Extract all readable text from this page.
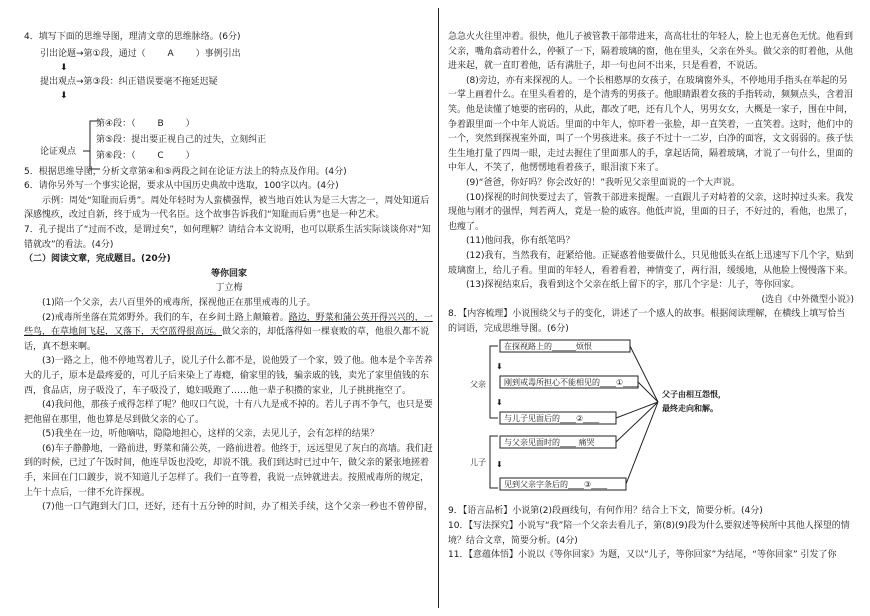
4．填写下面的思维导图，理清文章的思维脉络。(6分)

引出论题→第①段，通过（ A ）事例引出
⬇
提出观点→第③段：纠正错误要毫不拖延迟疑
⬇
论证观点
第④段：（ B ）
第⑤段：提出要正视自己的过失，立刻纠正
第⑥段：（ C ）

5．根据思维导图，分析文章第④和⑤两段之间在论证方法上的特点及作用。(4分)

6．请你另外写一个事实论据，要求从中国历史典故中选取，100字以内。(4分)

示例：周处“知耻而后勇”。周处年轻时为人蛮横强悍，被当地百姓认为是三大害之一，周处知道后深感愧疚，改过自新，终于成为一代名臣。这个故事告诉我们“知耻而后勇”也是一种艺术。

7．孔子提出了“过而不改，是谓过矣”，如何理解？请结合本文说明，也可以联系生活实际谈谈你对“知错就改”的看法。(4分)

（二）阅读文章，完成题目。(20分)

等你回家

丁立梅

(1)陪一个父亲，去八百里外的戒毒所，探视他正在那里戒毒的儿子。

(2)戒毒所坐落在荒郊野外。我们的车，在乡间土路上颠簸着。路边，野菜和蒲公英开得兴兴的，一些鸟，在草地间飞起，又落下，天空蓝得很高远。做父亲的，却低落得如一棵衰败的草，他很久都不说话，真不想来啊。

(3)一路之上，他不停地骂着儿子，说儿子什么都不是，说他毁了一个家，毁了他。他本是个辛苦养大的儿子，原本是最疼爱的，可儿子后来染上了毒瘾，偷家里的钱，骗亲戚的钱，卖光了家里值钱的东西，食品店，房子吸没了，车子吸没了，媳妇吸跑了……他一辈子积攒的家业，儿子挑挑拖空了。

(4)我问他，那孩子戒得怎样了呢？他叹口气说，十有八九是戒不掉的。若儿子再不争气，也只是要把他留在那里，他也算是尽到做父亲的心了。

(5)我坐在一边，听他嘀咕，隐隐地担心，这样的父亲，去见儿子，会有怎样的结果？

(6)车子静静地，一路前进，野菜和蒲公英，一路前进着。他终于，远远望见了灰白的高墙。我们赶到的时候，已过了午饭时间，他连早饭也没吃，却说不饿。我们到达时已过中午，做父亲的紧张地搓着手，来回在门口踱步，说不知道儿子怎样了。我们一直等着，我说一点钟就进去。按照戒毒所的规定，上午十点后，一律不允许探视。

(7)他一口气跑到大门口，还好，还有十五分钟的时间，办了相关手续，这个父亲一秒也不曾停留，

急急火火往里冲着。很快，他儿子被管教干部带进来，高高壮壮的年轻人，脸上也无喜色无忧。他看到父亲，嘴角翕动着什么，停顿了一下，隔着玻璃的窗，他在里头，父亲在外头。做父亲的盯着他，从他进来起，就一直盯着他，话有满肚子，却一句也问不出来，只是看着，不说话。

(8)旁边，亦有来探视的人。一个长相憨厚的女孩子，在玻璃窗外头，不停地用手指头在举起的另一掌上画着什么。在里头看着的，是个清秀的男孩子。他眼睛跟着女孩的手指转动，频频点头，含着泪笑。他是读懂了她要的密码的，从此，都改了吧，还有几个人，男男女女，大概是一家子，围在中间，争着跟里面一个中年人说话。里面的中年人，惊吓着一张脸，却一直笑着，一直笑着。这时，他们中的一个，突然到探视室外面，叫了一个男孩进来。孩子不过十一二岁，白净的面容，文文弱弱的。孩子怯生生地打量了四周一眼，走过去握住了里面那人的手，拿起话筒，隔着玻璃，才说了一句什么，里面的中年人，不笑了，他愣愣地看着孩子，眼泪滚下来了。

(9)“爸爸，你好吗？你会改好的！”我听见父亲里面说的一个大声说。

(10)探视的时间快要过去了，管教干部进来提醒。一直跟儿子对峙着的父亲，这时掉过头来。我发现他与刚才的强悍，判若两人，竟是一脸的戚容。他低声说，里面的日子，不好过的，看他，也黑了，也瘦了。

(11)他问我，你有纸笔吗？

(12)我有，当然我有，赶紧给他。正疑惑着他要做什么，只见他低头在纸上迅速写下几个字，贴到玻璃窗上，给儿子看。里面的年轻人，看着看着，神情变了，两行泪，缓缓地，从他脸上慢慢落下来。

(13)探视结束后，我看到这个父亲在纸上留下的字，那几个字是：儿子，等你回家。

(选自《中外微型小说》)

8．【内容梳理】小说围绕父与子的变化，讲述了一个感人的故事。根据阅读理解，在横线上填写恰当的词语，完成思维导图。(6分)

父亲
儿子
在探视路上的______烦恨
⬇
刚到戒毒所担心不能相见的____①____
⬇
与儿子见面后的____②____
与父亲见面时的____ 痛哭
⬇
见到父亲字条后的____③____
父子由相互怨恨，
最终走向和解。

9．【语言品析】小说第(2)段画线句，有何作用？结合上下文，简要分析。(4分)

10．【写法探究】小说写“我”陪一个父亲去看儿子，第(8)(9)段为什么要叙述等候所中其他人探望的情境？结合文章，简要分析。(4分)

11．【意蕴体悟】小说以《等你回家》为题，又以“儿子，等你回家”为结尾，“等你回家” 引发了你
